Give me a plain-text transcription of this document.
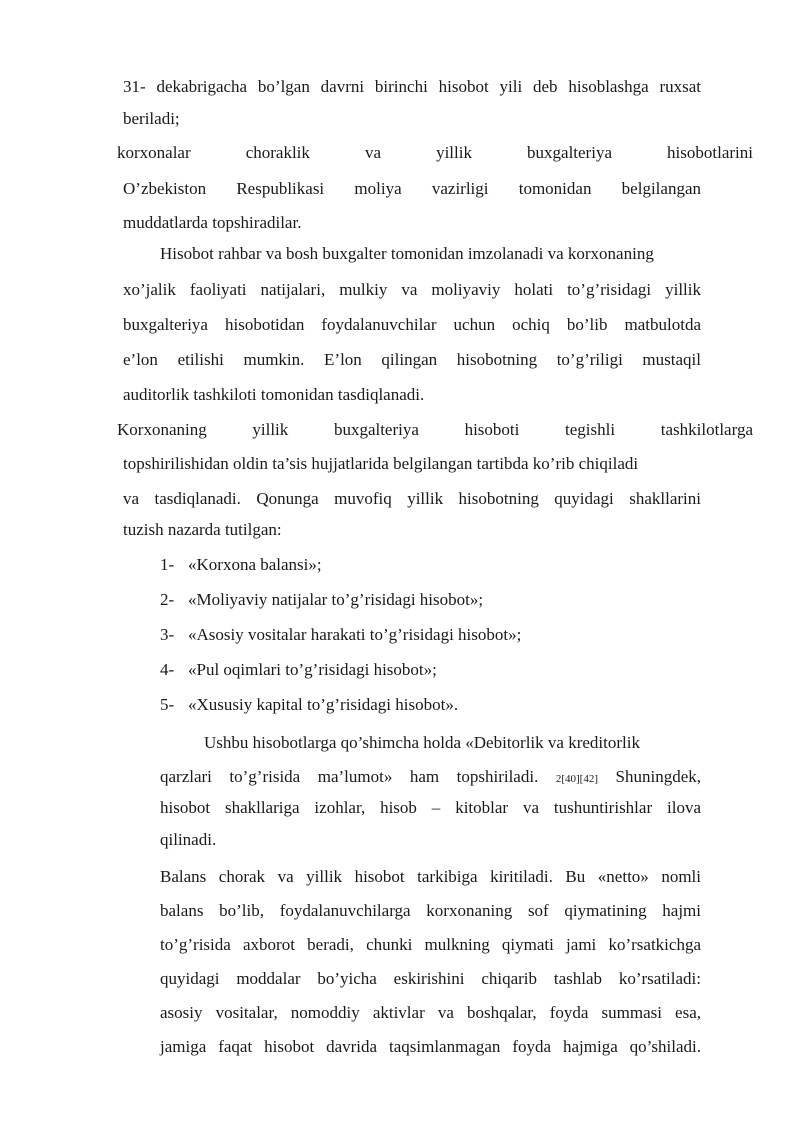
31- dekabrigacha bo’lgan davrni birinchi hisobot yili deb hisoblashga ruxsat
beriladi;
korxonalar choraklik va yillik buxgalteriya hisobotlarini
O’zbekiston Respublikasi moliya vazirligi tomonidan belgilangan
muddatlarda topshiradilar.
Hisobot rahbar va bosh buxgalter tomonidan imzolanadi va korxonaning
xo’jalik faoliyati natijalari, mulkiy va moliyaviy holati to’g’risidagi yillik
buxgalteriya hisobotidan foydalanuvchilar uchun ochiq bo’lib matbulotda
e’lon etilishi mumkin. E’lon qilingan hisobotning to’g’riligi mustaqil
auditorlik tashkiloti tomonidan tasdiqlanadi.
Korxonaning yillik buxgalteriya hisoboti tegishli tashkilotlarga
topshirilishidan oldin ta’sis hujjatlarida belgilangan tartibda ko’rib chiqiladi
va tasdiqlanadi. Qonunga muvofiq yillik hisobotning quyidagi shakllarini
tuzish nazarda tutilgan:
1- «Korxona balansi»;
2- «Moliyaviy natijalar to’g’risidagi hisobot»;
3- «Asosiy vositalar harakati to’g’risidagi hisobot»;
4- «Pul oqimlari to’g’risidagi hisobot»;
5- «Xususiy kapital to’g’risidagi hisobot».
Ushbu hisobotlarga qo’shimcha holda «Debitorlik va kreditorlik
qarzlari to’g’risida ma’lumot» ham topshiriladi. 2[40][42] Shuningdek,
hisobot shakllariga izohlar, hisob – kitoblar va tushuntirishlar ilova
qilinadi.
Balans chorak va yillik hisobot tarkibiga kiritiladi. Bu «netto» nomli
balans bo’lib, foydalanuvchilarga korxonaning sof qiymatining hajmi
to’g’risida axborot beradi, chunki mulkning qiymati jami ko’rsatkichga
quyidagi moddalar bo’yicha eskirishini chiqarib tashlab ko’rsatiladi:
asosiy vositalar, nomoddiy aktivlar va boshqalar, foyda summasi esa,
jamiga faqat hisobot davrida taqsimlanmagan foyda hajmiga qo’shiladi.
